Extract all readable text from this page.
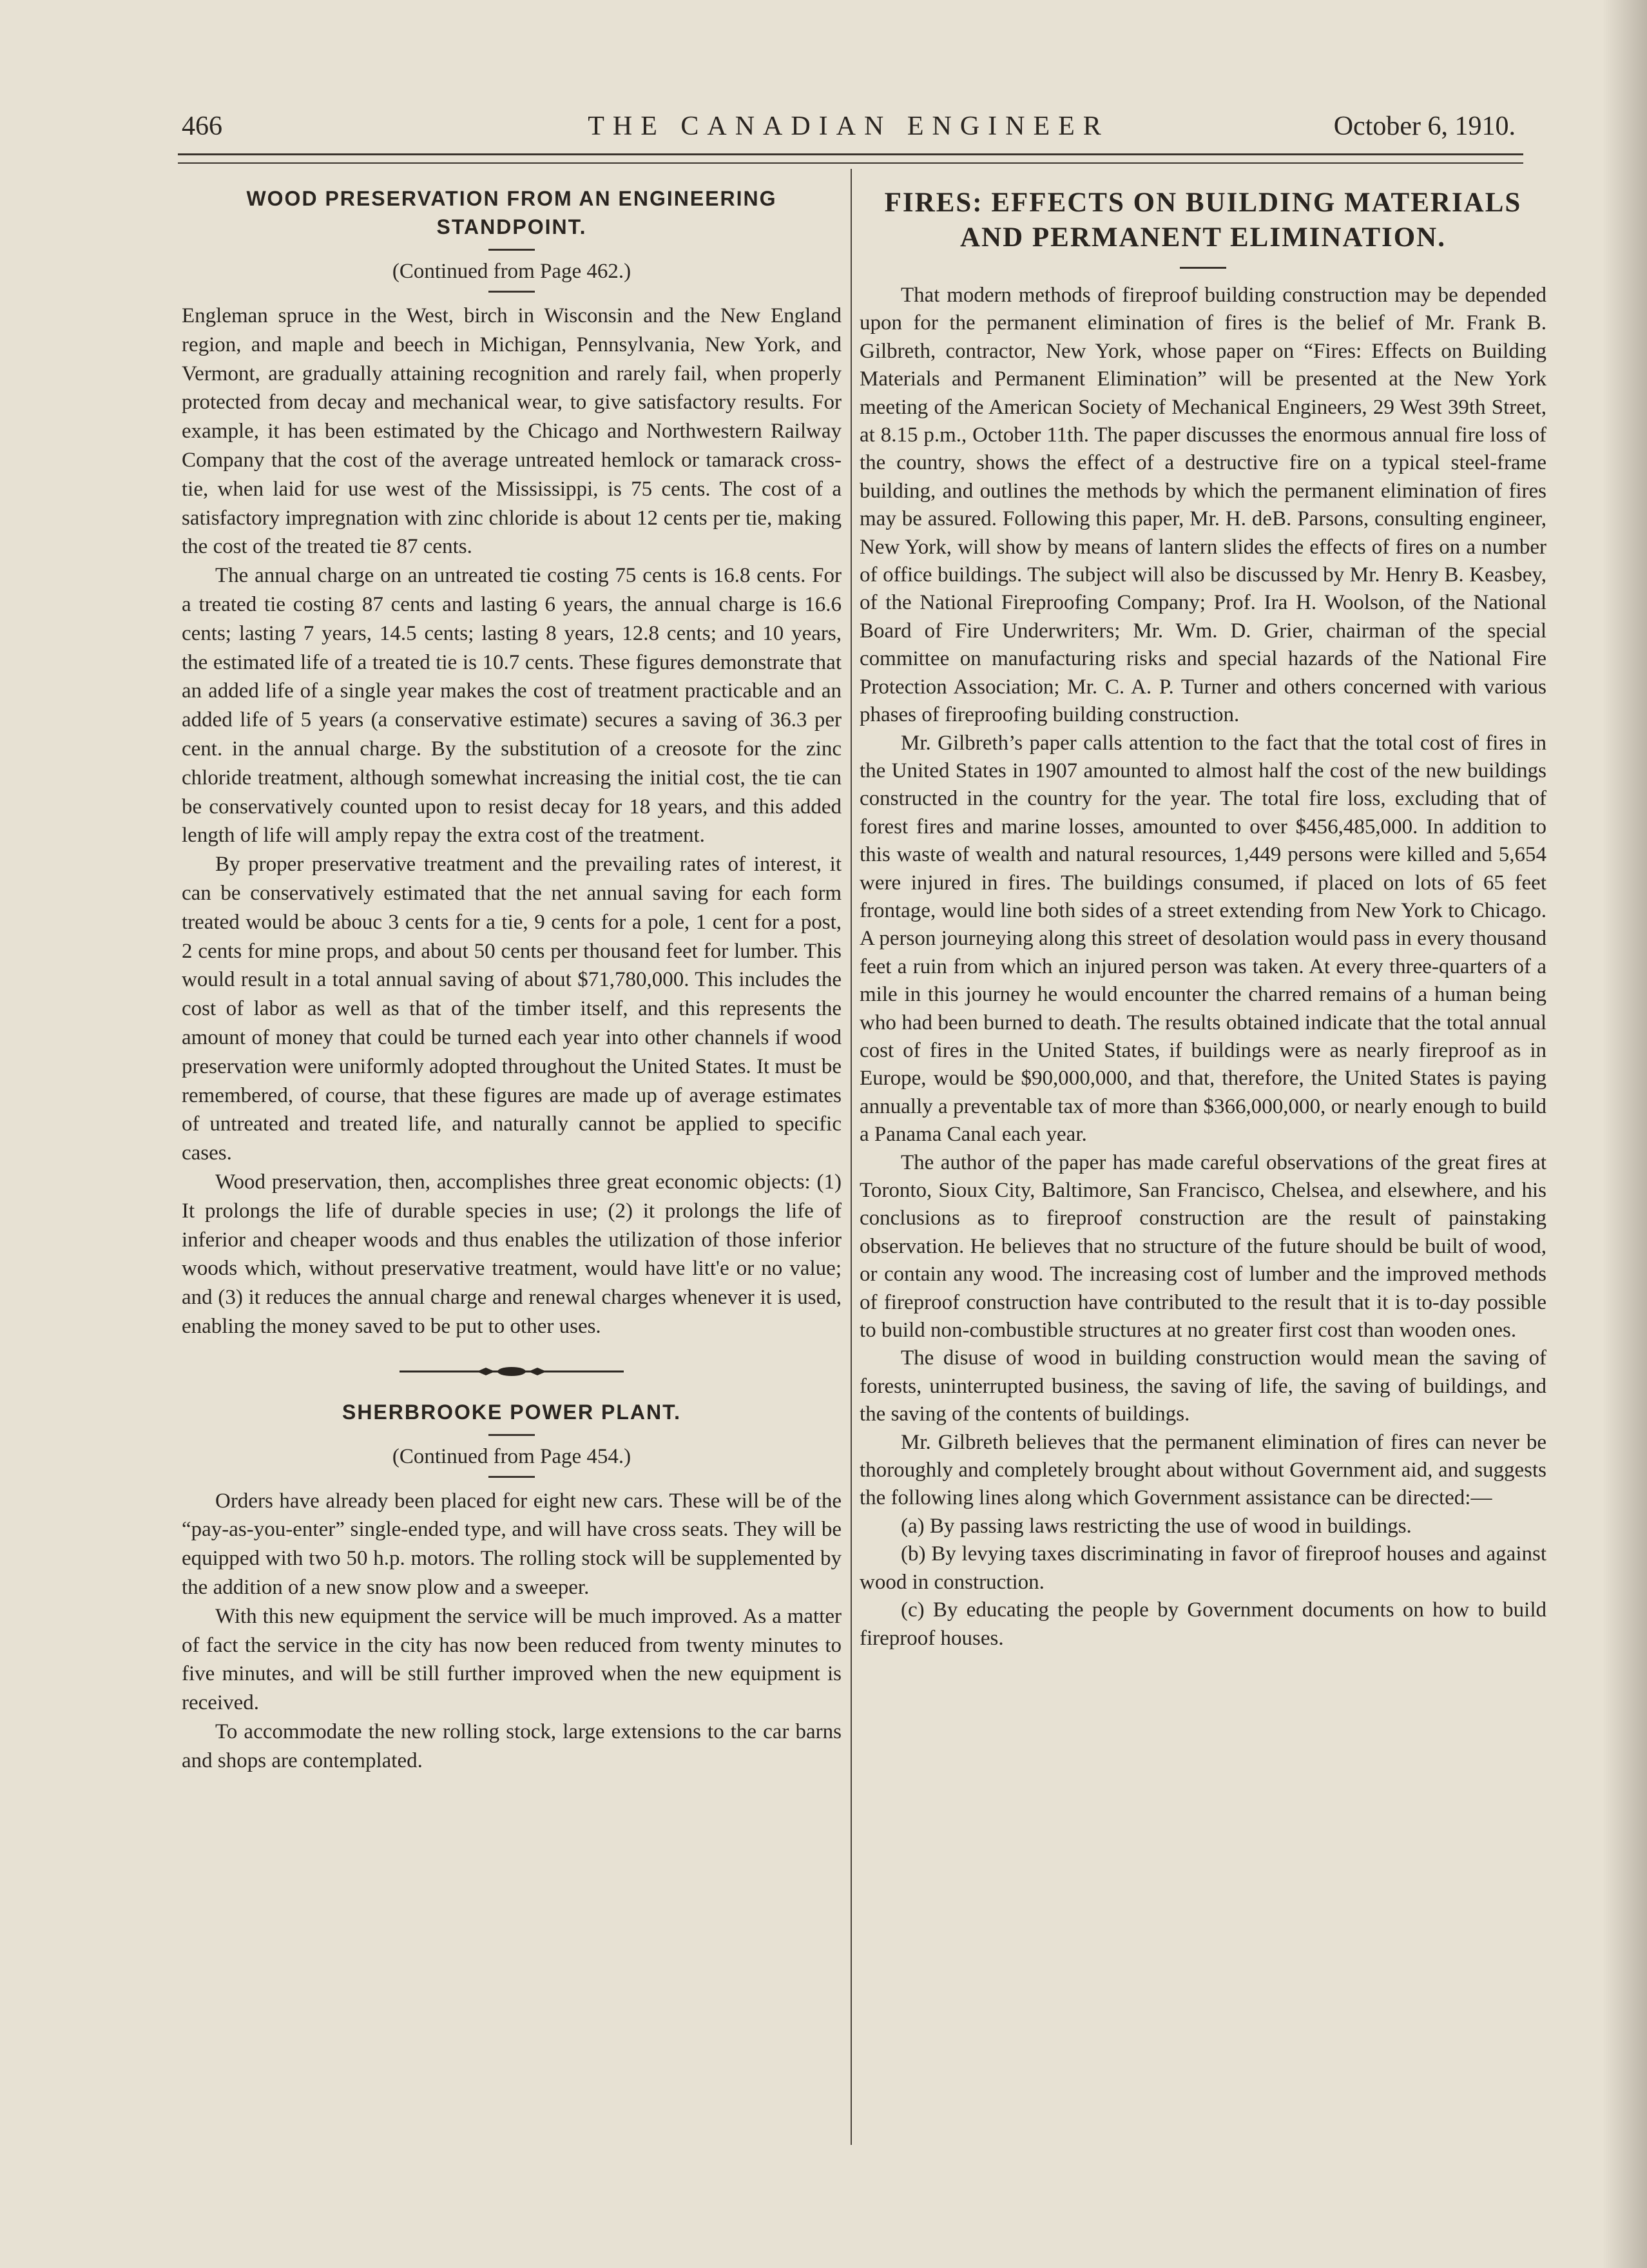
466	THE CANADIAN ENGINEER	October 6, 1910.
WOOD PRESERVATION FROM AN ENGINEERING STANDPOINT.
(Continued from Page 462.)

Engleman spruce in the West, birch in Wisconsin and the New England region, and maple and beech in Michigan, Pennsylvania, New York, and Vermont, are gradually attaining recognition and rarely fail, when properly protected from decay and mechanical wear, to give satisfactory results. For example, it has been estimated by the Chicago and Northwestern Railway Company that the cost of the average untreated hemlock or tamarack cross-tie, when laid for use west of the Mississippi, is 75 cents. The cost of a satisfactory impregnation with zinc chloride is about 12 cents per tie, making the cost of the treated tie 87 cents.

The annual charge on an untreated tie costing 75 cents is 16.8 cents. For a treated tie costing 87 cents and lasting 6 years, the annual charge is 16.6 cents; lasting 7 years, 14.5 cents; lasting 8 years, 12.8 cents; and 10 years, the estimated life of a treated tie is 10.7 cents. These figures demonstrate that an added life of a single year makes the cost of treatment practicable and an added life of 5 years (a conservative estimate) secures a saving of 36.3 per cent. in the annual charge. By the substitution of a creosote for the zinc chloride treatment, although somewhat increasing the initial cost, the tie can be conservatively counted upon to resist decay for 18 years, and this added length of life will amply repay the extra cost of the treatment.

By proper preservative treatment and the prevailing rates of interest, it can be conservatively estimated that the net annual saving for each form treated would be abouc 3 cents for a tie, 9 cents for a pole, 1 cent for a post, 2 cents for mine props, and about 50 cents per thousand feet for lumber. This would result in a total annual saving of about $71,780,000. This includes the cost of labor as well as that of the timber itself, and this represents the amount of money that could be turned each year into other channels if wood preservation were uniformly adopted throughout the United States. It must be remembered, of course, that these figures are made up of average estimates of untreated and treated life, and naturally cannot be applied to specific cases.

Wood preservation, then, accomplishes three great economic objects: (1) It prolongs the life of durable species in use; (2) it prolongs the life of inferior and cheaper woods and thus enables the utilization of those inferior woods which, without preservative treatment, would have litt'e or no value; and (3) it reduces the annual charge and renewal charges whenever it is used, enabling the money saved to be put to other uses.

SHERBROOKE POWER PLANT.
(Continued from Page 454.)

Orders have already been placed for eight new cars. These will be of the “pay-as-you-enter” single-ended type, and will have cross seats. They will be equipped with two 50 h.p. motors. The rolling stock will be supplemented by the addition of a new snow plow and a sweeper.

With this new equipment the service will be much improved. As a matter of fact the service in the city has now been reduced from twenty minutes to five minutes, and will be still further improved when the new equipment is received.

To accommodate the new rolling stock, large extensions to the car barns and shops are contemplated.

FIRES: EFFECTS ON BUILDING MATERIALS AND PERMANENT ELIMINATION.

That modern methods of fireproof building construction may be depended upon for the permanent elimination of fires is the belief of Mr. Frank B. Gilbreth, contractor, New York, whose paper on “Fires: Effects on Building Materials and Permanent Elimination” will be presented at the New York meeting of the American Society of Mechanical Engineers, 29 West 39th Street, at 8.15 p.m., October 11th. The paper discusses the enormous annual fire loss of the country, shows the effect of a destructive fire on a typical steel-frame building, and outlines the methods by which the permanent elimination of fires may be assured. Following this paper, Mr. H. deB. Parsons, consulting engineer, New York, will show by means of lantern slides the effects of fires on a number of office buildings. The subject will also be discussed by Mr. Henry B. Keasbey, of the National Fireproofing Company; Prof. Ira H. Woolson, of the National Board of Fire Underwriters; Mr. Wm. D. Grier, chairman of the special committee on manufacturing risks and special hazards of the National Fire Protection Association; Mr. C. A. P. Turner and others concerned with various phases of fireproofing building construction.

Mr. Gilbreth’s paper calls attention to the fact that the total cost of fires in the United States in 1907 amounted to almost half the cost of the new buildings constructed in the country for the year. The total fire loss, excluding that of forest fires and marine losses, amounted to over $456,485,000. In addition to this waste of wealth and natural resources, 1,449 persons were killed and 5,654 were injured in fires. The buildings consumed, if placed on lots of 65 feet frontage, would line both sides of a street extending from New York to Chicago. A person journeying along this street of desolation would pass in every thousand feet a ruin from which an injured person was taken. At every three-quarters of a mile in this journey he would encounter the charred remains of a human being who had been burned to death. The results obtained indicate that the total annual cost of fires in the United States, if buildings were as nearly fireproof as in Europe, would be $90,000,000, and that, therefore, the United States is paying annually a preventable tax of more than $366,000,000, or nearly enough to build a Panama Canal each year.

The author of the paper has made careful observations of the great fires at Toronto, Sioux City, Baltimore, San Francisco, Chelsea, and elsewhere, and his conclusions as to fireproof construction are the result of painstaking observation. He believes that no structure of the future should be built of wood, or contain any wood. The increasing cost of lumber and the improved methods of fireproof construction have contributed to the result that it is to-day possible to build non-combustible structures at no greater first cost than wooden ones.

The disuse of wood in building construction would mean the saving of forests, uninterrupted business, the saving of life, the saving of buildings, and the saving of the contents of buildings.

Mr. Gilbreth believes that the permanent elimination of fires can never be thoroughly and completely brought about without Government aid, and suggests the following lines along which Government assistance can be directed:—

(a) By passing laws restricting the use of wood in buildings.

(b) By levying taxes discriminating in favor of fireproof houses and against wood in construction.

(c) By educating the people by Government documents on how to build fireproof houses.
